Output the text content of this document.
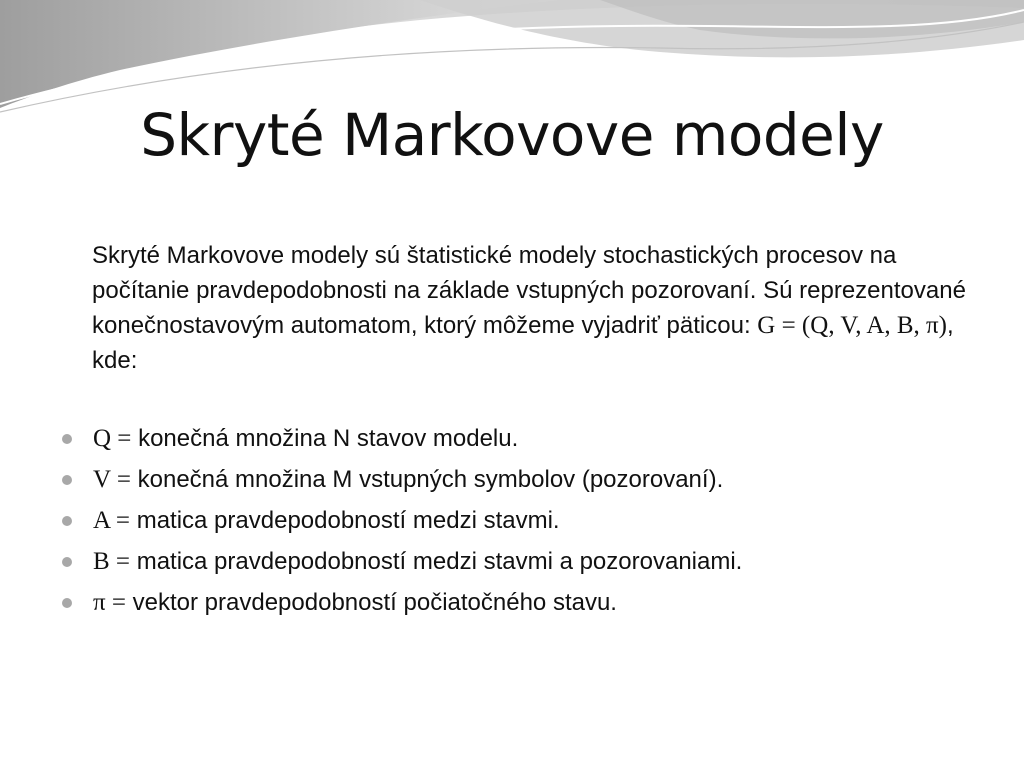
Skryté Markovove modely
Skryté Markovove modely sú štatistické modely stochastických procesov na počítanie pravdepodobnosti na základe vstupných pozorovaní. Sú reprezentované konečnostavovým automatom, ktorý môžeme vyjadriť päticou: G = (Q, V, A, B, π), kde:
Q = konečná množina N stavov modelu.
V = konečná množina M vstupných symbolov (pozorovaní).
A = matica pravdepodobností medzi stavmi.
B = matica pravdepodobností medzi stavmi a pozorovaniami.
π = vektor pravdepodobností počiatočného stavu.
